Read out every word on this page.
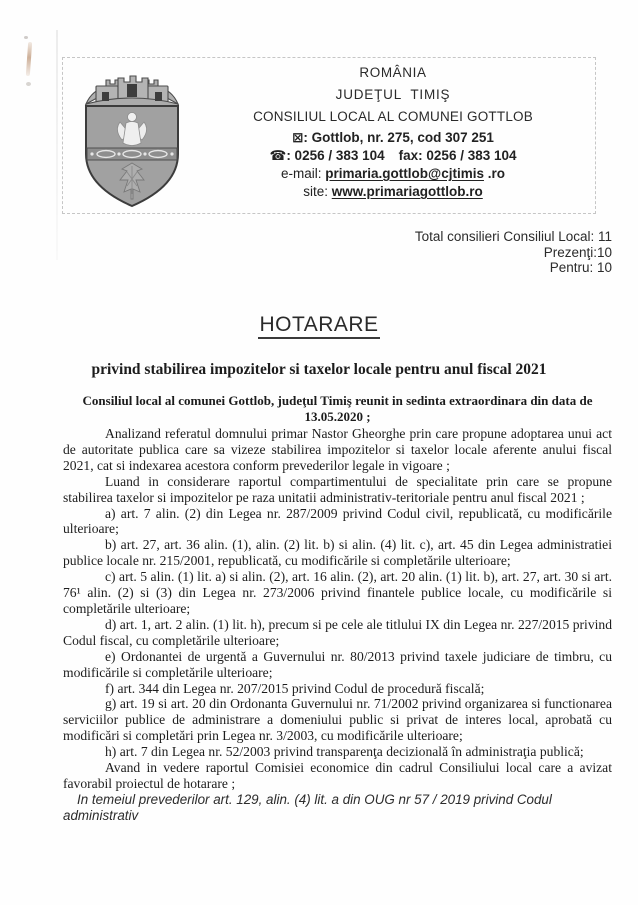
ROMÂNIA
JUDEŢUL  TIMIŞ
CONSILIUL LOCAL AL COMUNEI GOTTLOB
⊠: Gottlob, nr. 275, cod 307 251
☎: 0256 / 383 104 fax: 0256 / 383 104
e-mail: primaria.gottlob@cjtimis .ro
site: www.primariagottlob.ro
Total consilieri Consiliul Local: 11
Prezenţi:10
Pentru: 10
HOTARARE
privind stabilirea impozitelor si taxelor locale pentru anul fiscal 2021

Consiliul local al comunei Gottlob, judeţul Timiş reunit in sedinta extraordinara din data de 13.05.2020 ;

Analizand referatul domnului primar Nastor Gheorghe prin care propune adoptarea unui act de autoritate publica care sa vizeze stabilirea impozitelor si taxelor locale aferente anului fiscal 2021, cat si indexarea acestora conform prevederilor legale in vigoare ;

Luand in considerare raportul compartimentului de specialitate prin care se propune stabilirea taxelor si impozitelor pe raza unitatii administrativ-teritoriale pentru anul fiscal 2021 ;

a) art. 7 alin. (2) din Legea nr. 287/2009 privind Codul civil, republicată, cu modificările ulterioare;

b) art. 27, art. 36 alin. (1), alin. (2) lit. b) si alin. (4) lit. c), art. 45 din Legea administratiei publice locale nr. 215/2001, republicată, cu modificările si completările ulterioare;

c) art. 5 alin. (1) lit. a) si alin. (2), art. 16 alin. (2), art. 20 alin. (1) lit. b), art. 27, art. 30 si art. 76¹ alin. (2) si (3) din Legea nr. 273/2006 privind finantele publice locale, cu modificările si completările ulterioare;

d) art. 1, art. 2 alin. (1) lit. h), precum si pe cele ale titlului IX din Legea nr. 227/2015 privind Codul fiscal, cu completările ulterioare;

e) Ordonantei de urgentă a Guvernului nr. 80/2013 privind taxele judiciare de timbru, cu modificările si completările ulterioare;

f) art. 344 din Legea nr. 207/2015 privind Codul de procedură fiscală;

g) art. 19 si art. 20 din Ordonanta Guvernului nr. 71/2002 privind organizarea si functionarea serviciilor publice de administrare a domeniului public si privat de interes local, aprobată cu modificări si completări prin Legea nr. 3/2003, cu modificările ulterioare;

h) art. 7 din Legea nr. 52/2003 privind transparenţa decizională în administraţia publică;

Avand in vedere raportul Comisiei economice din cadrul Consiliului local care a avizat favorabil proiectul de hotarare ;

In temeiul prevederilor art. 129, alin. (4) lit. a din OUG nr 57 / 2019 privind Codul administrativ
